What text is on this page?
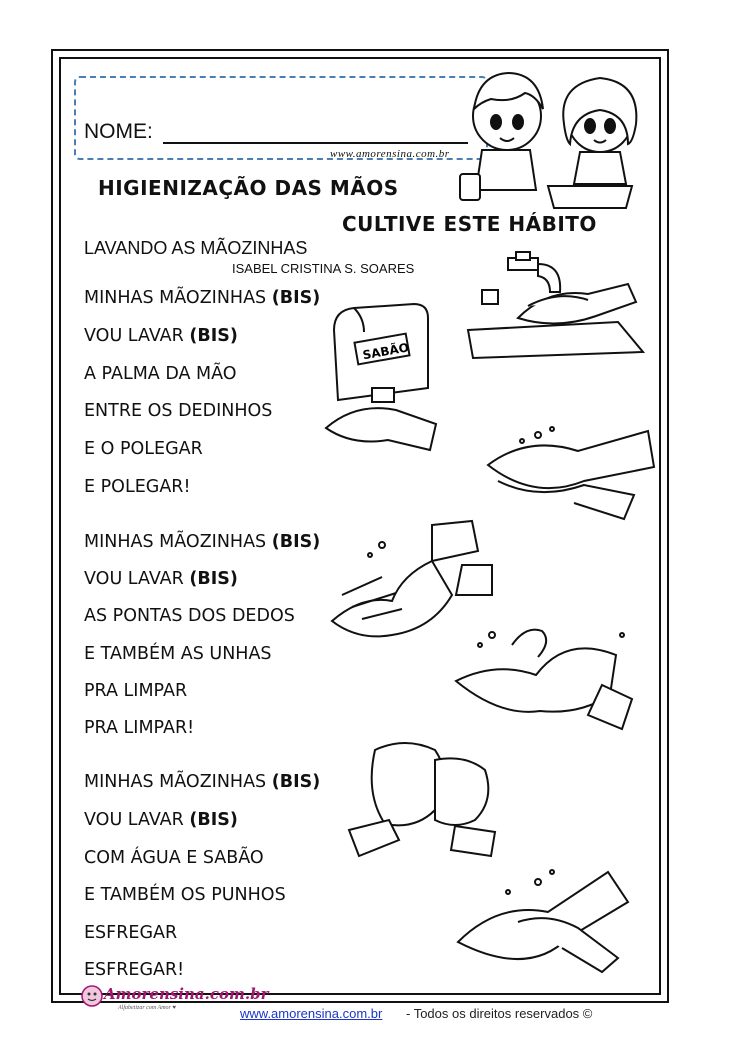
NOME:
www.amorensina.com.br
HIGIENIZAÇÃO DAS MÃOS
CULTIVE ESTE HÁBITO
LAVANDO AS MÃOZINHAS
ISABEL CRISTINA S. SOARES
MINHAS MÃOZINHAS (BIS)
VOU LAVAR (BIS)
A PALMA DA MÃO
ENTRE OS DEDINHOS
E O POLEGAR
E POLEGAR!
MINHAS MÃOZINHAS (BIS)
VOU LAVAR (BIS)
AS PONTAS DOS DEDOS
E TAMBÉM AS UNHAS
PRA LIMPAR
PRA LIMPAR!
MINHAS MÃOZINHAS (BIS)
VOU LAVAR (BIS)
COM ÁGUA E SABÃO
E TAMBÉM OS PUNHOS
ESFREGAR
ESFREGAR!
SABÃO
Amorensina.com.br
Alfabetizar com Amor ♥	www.amorensina.com.br - Todos os direitos reservados ©
